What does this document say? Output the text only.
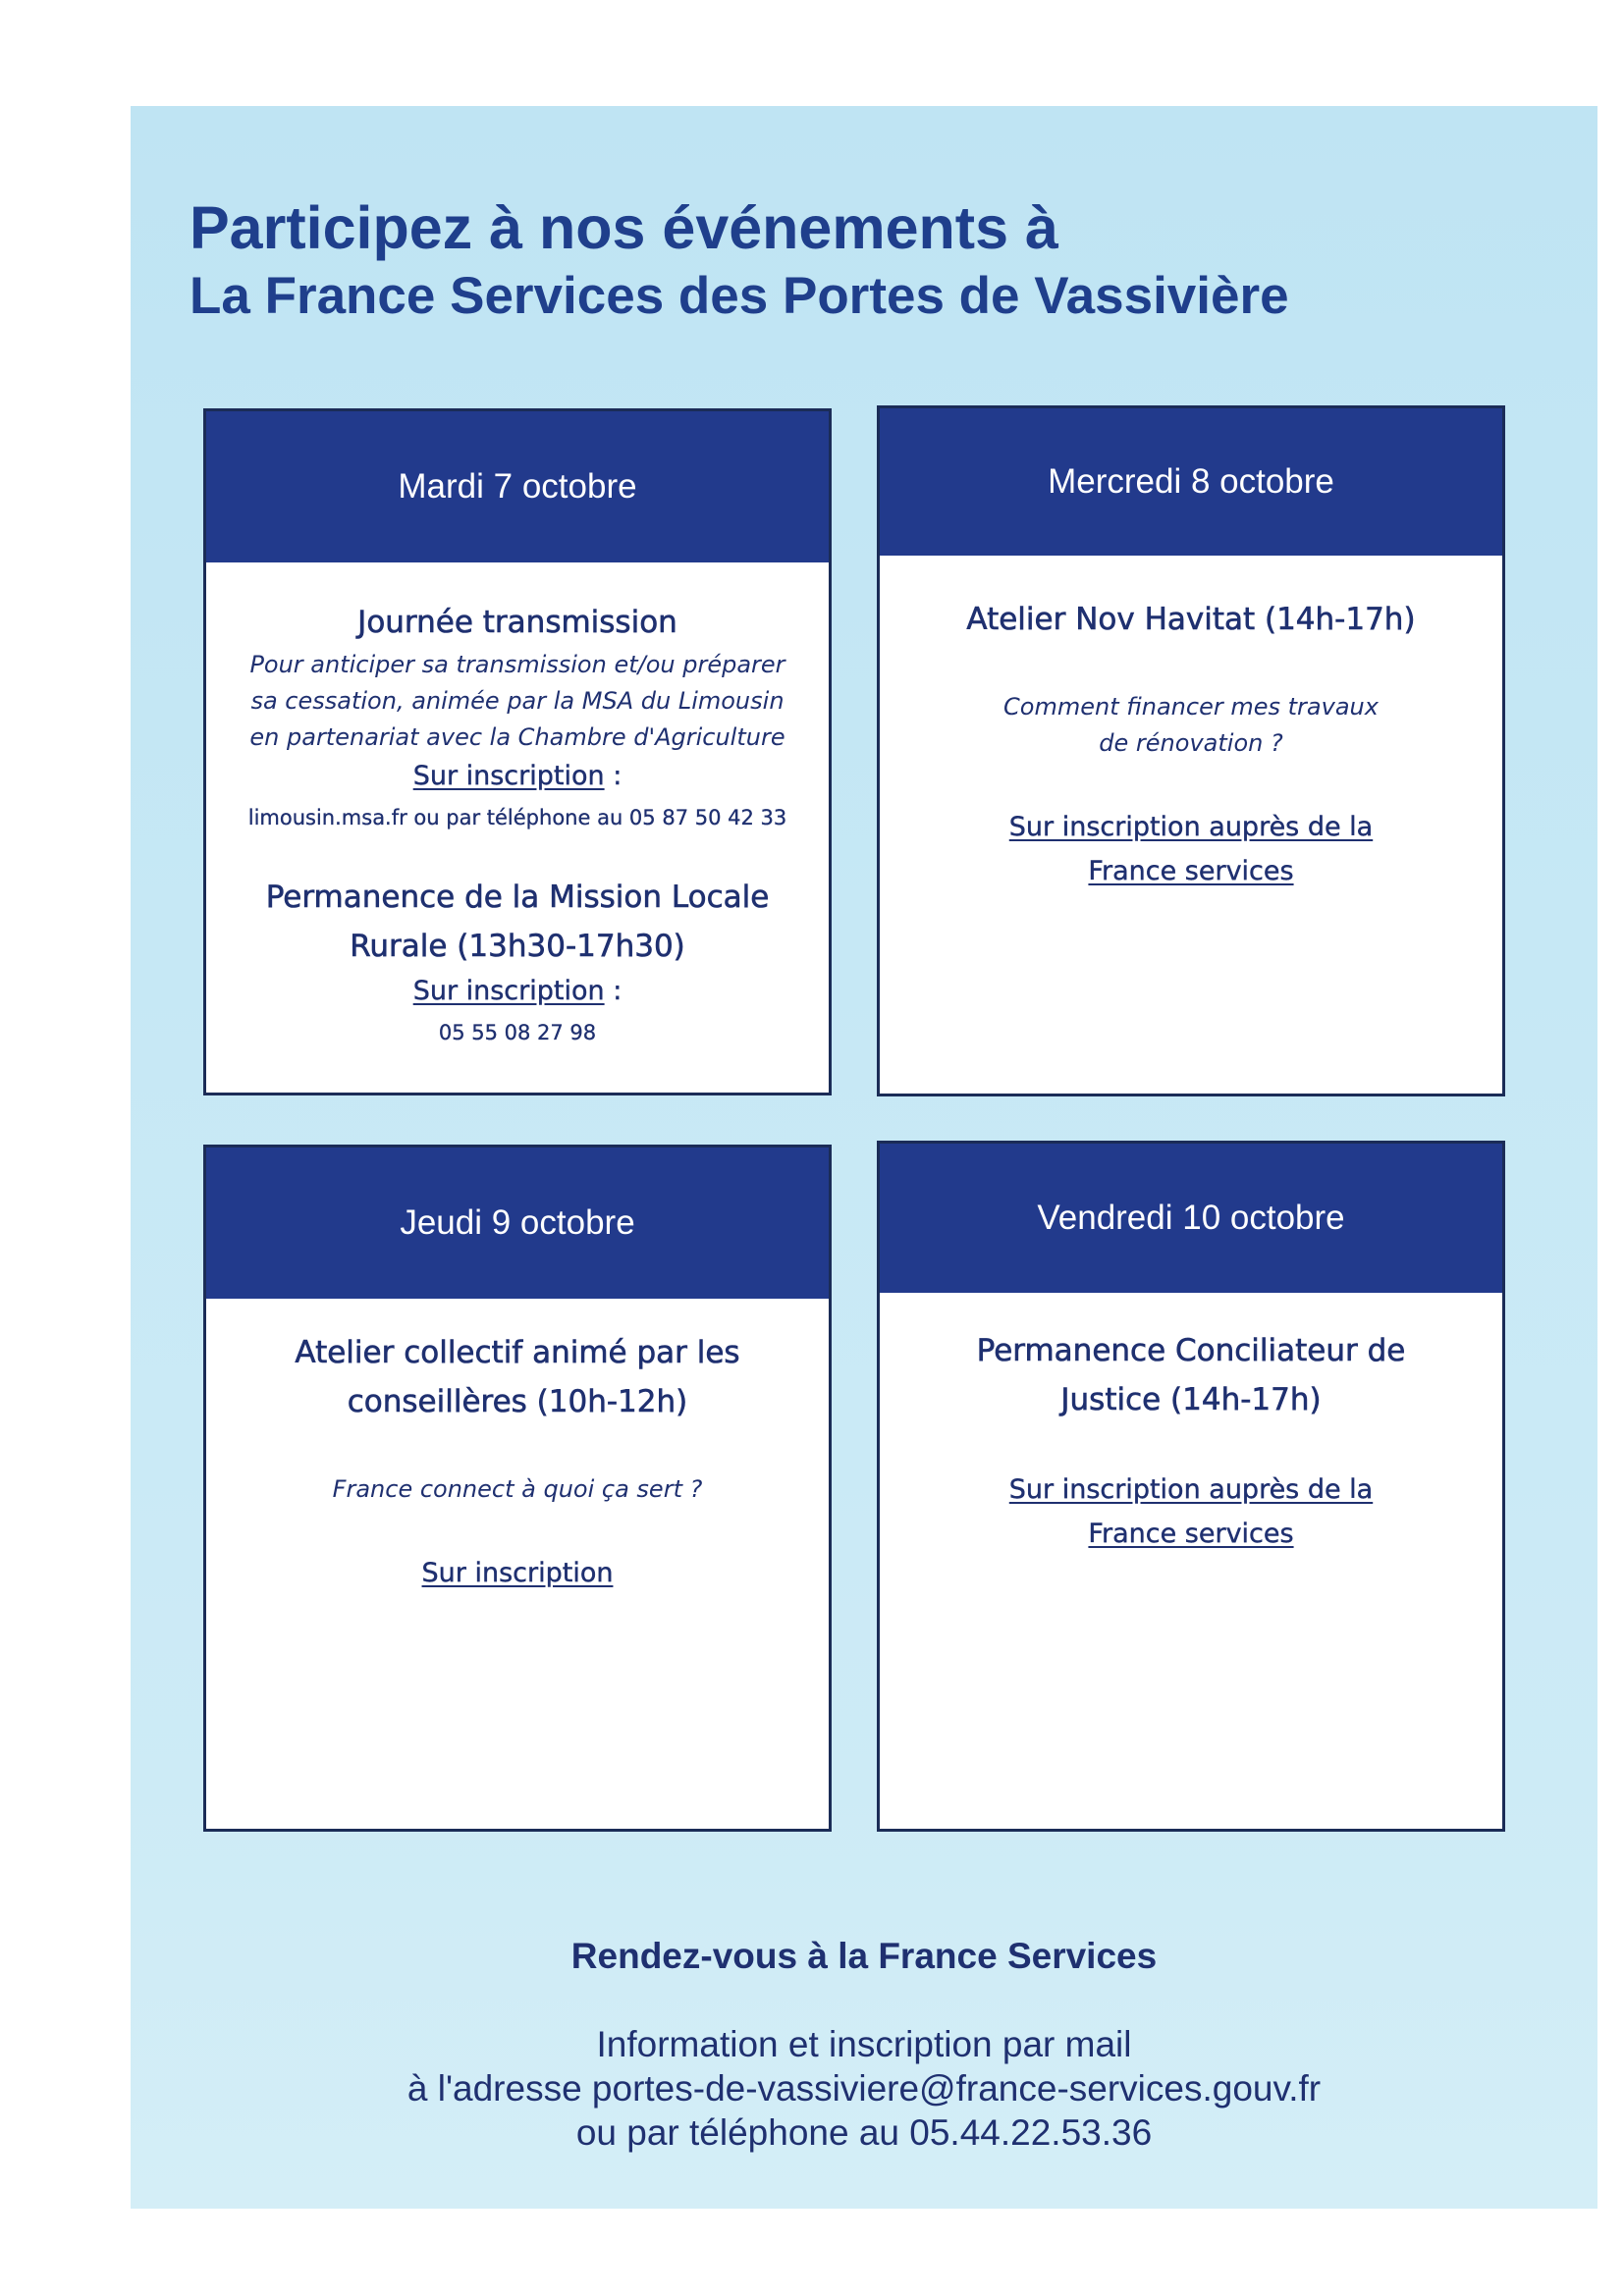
Participez à nos événements à
La France Services des Portes de Vassivière
Mardi 7 octobre

Journée transmission

Pour anticiper sa transmission et/ou préparer

sa cessation, animée par la MSA du Limousin

en partenariat avec la Chambre d'Agriculture

Sur inscription :

limousin.msa.fr ou par téléphone au 05 87 50 42 33

Permanence de la Mission Locale

Rurale (13h30-17h30)

Sur inscription :

05 55 08 27 98

Mercredi 8 octobre

Atelier Nov Havitat (14h-17h)

Comment financer mes travaux

de rénovation ?

Sur inscription auprès de la
France services
Jeudi 9 octobre

Atelier collectif animé par les

conseillères (10h-12h)

France connect à quoi ça sert ?

Sur inscription
Vendredi 10 octobre

Permanence Conciliateur de

Justice (14h-17h)

Sur inscription auprès de la
France services
Rendez-vous à la France Services
Information et inscription par mail
à l'adresse portes-de-vassiviere@france-services.gouv.fr
ou par téléphone au 05.44.22.53.36
